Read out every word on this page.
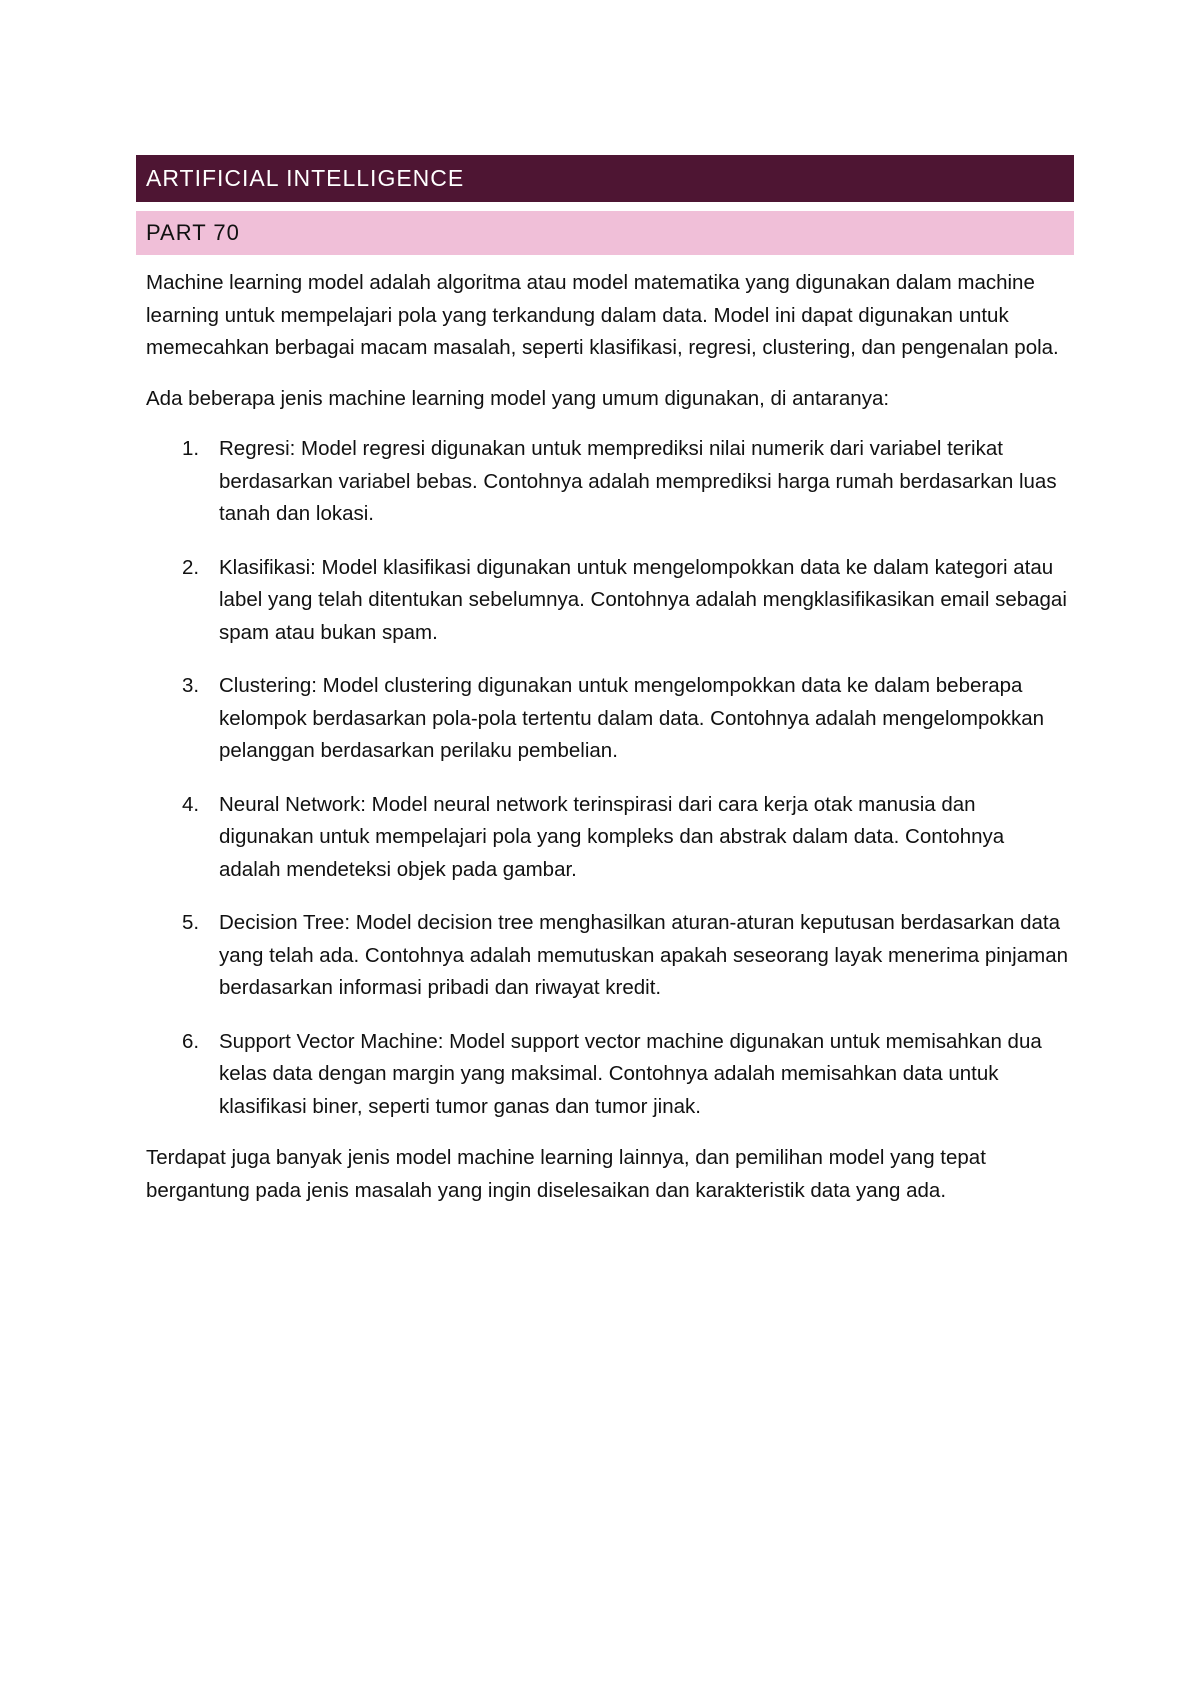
ARTIFICIAL INTELLIGENCE
PART 70

Machine learning model adalah algoritma atau model matematika yang digunakan dalam machine learning untuk mempelajari pola yang terkandung dalam data. Model ini dapat digunakan untuk memecahkan berbagai macam masalah, seperti klasifikasi, regresi, clustering, dan pengenalan pola.

Ada beberapa jenis machine learning model yang umum digunakan, di antaranya:

1. Regresi: Model regresi digunakan untuk memprediksi nilai numerik dari variabel terikat berdasarkan variabel bebas. Contohnya adalah memprediksi harga rumah berdasarkan luas tanah dan lokasi.
2. Klasifikasi: Model klasifikasi digunakan untuk mengelompokkan data ke dalam kategori atau label yang telah ditentukan sebelumnya. Contohnya adalah mengklasifikasikan email sebagai spam atau bukan spam.
3. Clustering: Model clustering digunakan untuk mengelompokkan data ke dalam beberapa kelompok berdasarkan pola-pola tertentu dalam data. Contohnya adalah mengelompokkan pelanggan berdasarkan perilaku pembelian.
4. Neural Network: Model neural network terinspirasi dari cara kerja otak manusia dan digunakan untuk mempelajari pola yang kompleks dan abstrak dalam data. Contohnya adalah mendeteksi objek pada gambar.
5. Decision Tree: Model decision tree menghasilkan aturan-aturan keputusan berdasarkan data yang telah ada. Contohnya adalah memutuskan apakah seseorang layak menerima pinjaman berdasarkan informasi pribadi dan riwayat kredit.
6. Support Vector Machine: Model support vector machine digunakan untuk memisahkan dua kelas data dengan margin yang maksimal. Contohnya adalah memisahkan data untuk klasifikasi biner, seperti tumor ganas dan tumor jinak.

Terdapat juga banyak jenis model machine learning lainnya, dan pemilihan model yang tepat bergantung pada jenis masalah yang ingin diselesaikan dan karakteristik data yang ada.
